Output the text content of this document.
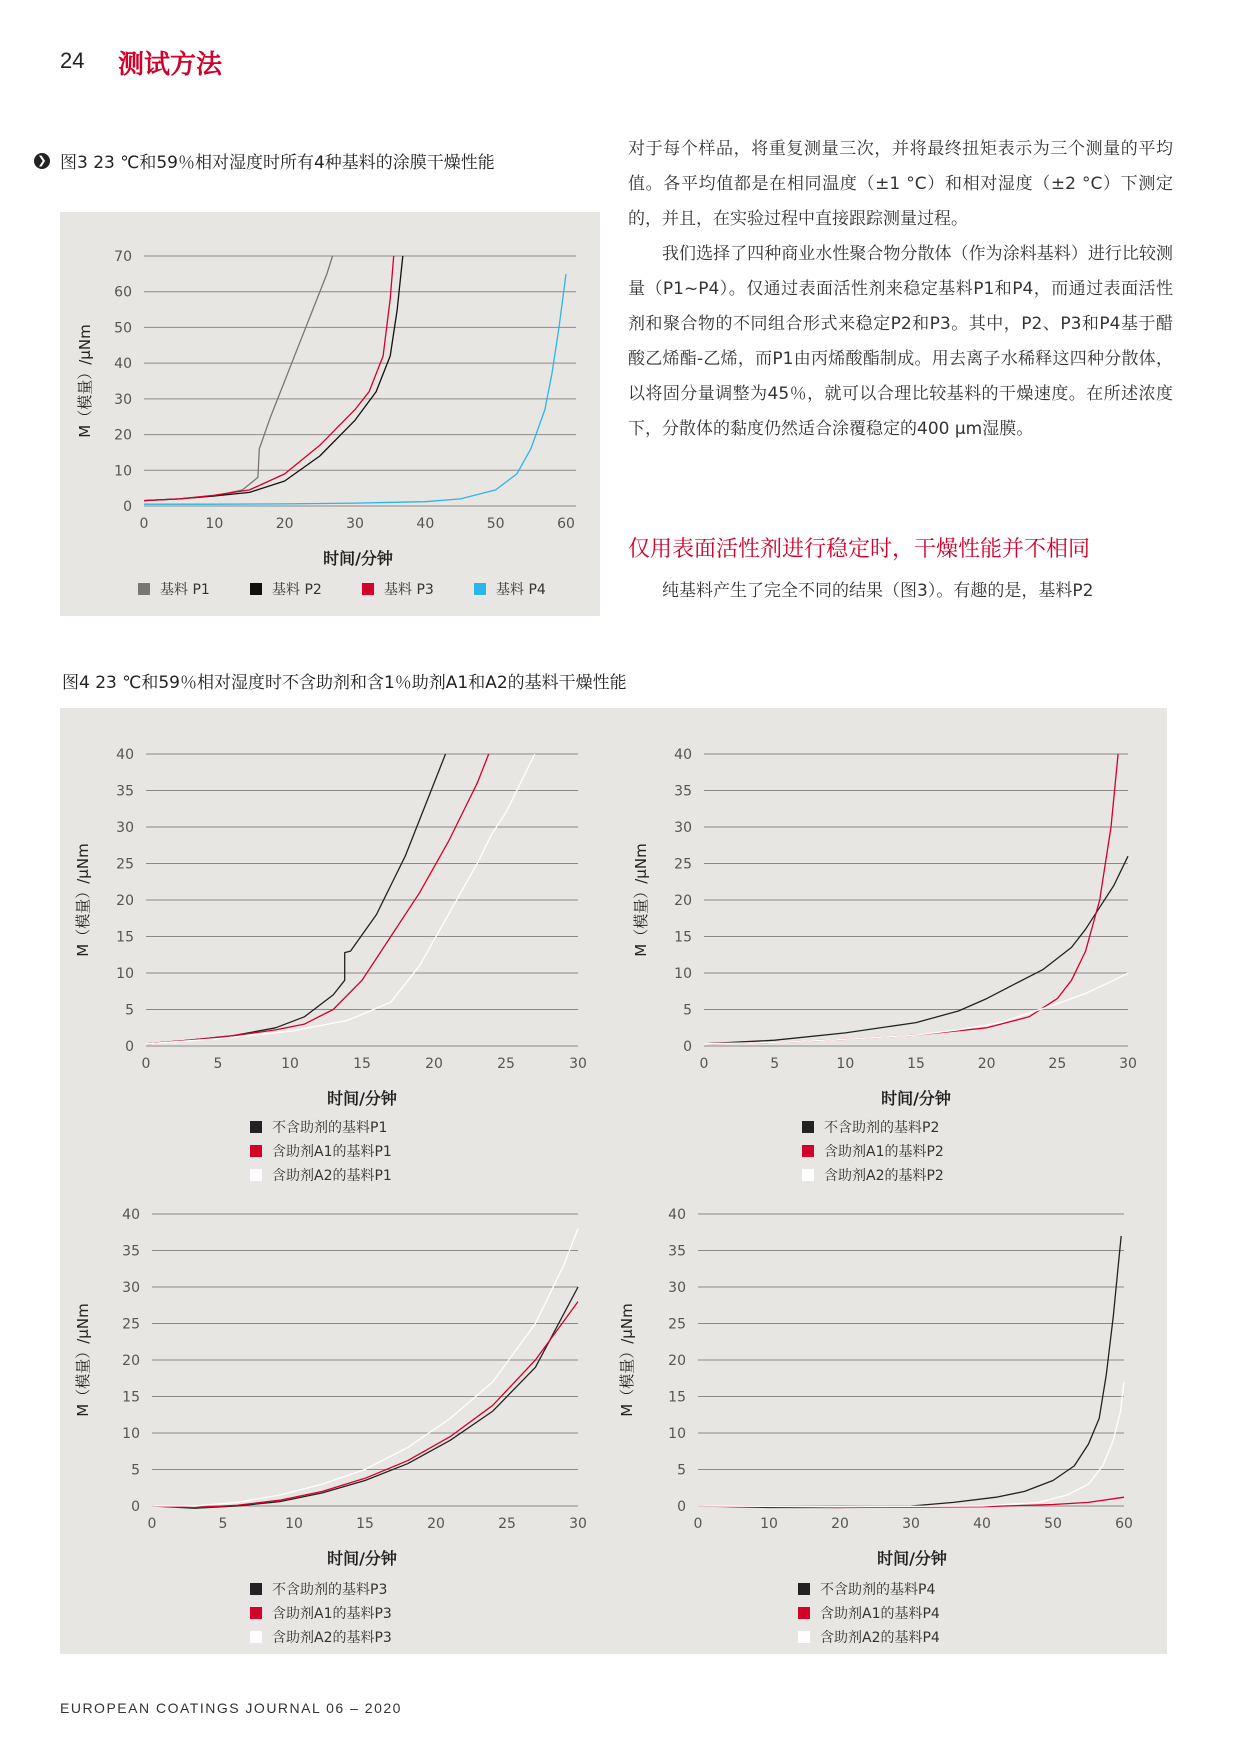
24 测试方法
❯ 图3 23 ℃和59％相对湿度时所有4种基料的涂膜干燥性能
0
10
20
30
40
50
60
70
0	10	20	30	40	50	60
M（模量）/μNm
时间/分钟
基料 P1	基料 P2	基料 P3	基料 P4

对于每个样品，将重复测量三次，并将最终扭矩表示为三个测量的平均值。各平均值都是在相同温度（±1 °C）和相对湿度（±2 °C）下测定的，并且，在实验过程中直接跟踪测量过程。

我们选择了四种商业水性聚合物分散体（作为涂料基料）进行比较测量（P1~P4）。仅通过表面活性剂来稳定基料P1和P4，而通过表面活性剂和聚合物的不同组合形式来稳定P2和P3。其中，P2、P3和P4基于醋酸乙烯酯-乙烯，而P1由丙烯酸酯制成。用去离子水稀释这四种分散体，以将固分量调整为45％，就可以合理比较基料的干燥速度。在所述浓度下，分散体的黏度仍然适合涂覆稳定的400 μm湿膜。

仅用表面活性剂进行稳定时，干燥性能并不相同
纯基料产生了完全不同的结果（图3）。有趣的是，基料P2
图4 23 ℃和59％相对湿度时不含助剂和含1％助剂A1和A2的基料干燥性能
0
5
10
15
20
25
30
35
40
0	5	10	15	20	25	30
M（模量）/μNm
时间/分钟
不含助剂的基料P1
含助剂A1的基料P1
含助剂A2的基料P1
0
5
10
15
20
25
30
35
40
0	5	10	15	20	25	30
M（模量）/μNm
时间/分钟
不含助剂的基料P2
含助剂A1的基料P2
含助剂A2的基料P2
0
5
10
15
20
25
30
35
40
0	5	10	15	20	25	30
M（模量）/μNm
时间/分钟
不含助剂的基料P3
含助剂A1的基料P3
含助剂A2的基料P3
0
5
10
15
20
25
30
35
40
0	10	20	30	40	50	60
M（模量）/μNm
时间/分钟
不含助剂的基料P4
含助剂A1的基料P4
含助剂A2的基料P4
EUROPEAN COATINGS JOURNAL 06 – 2020
